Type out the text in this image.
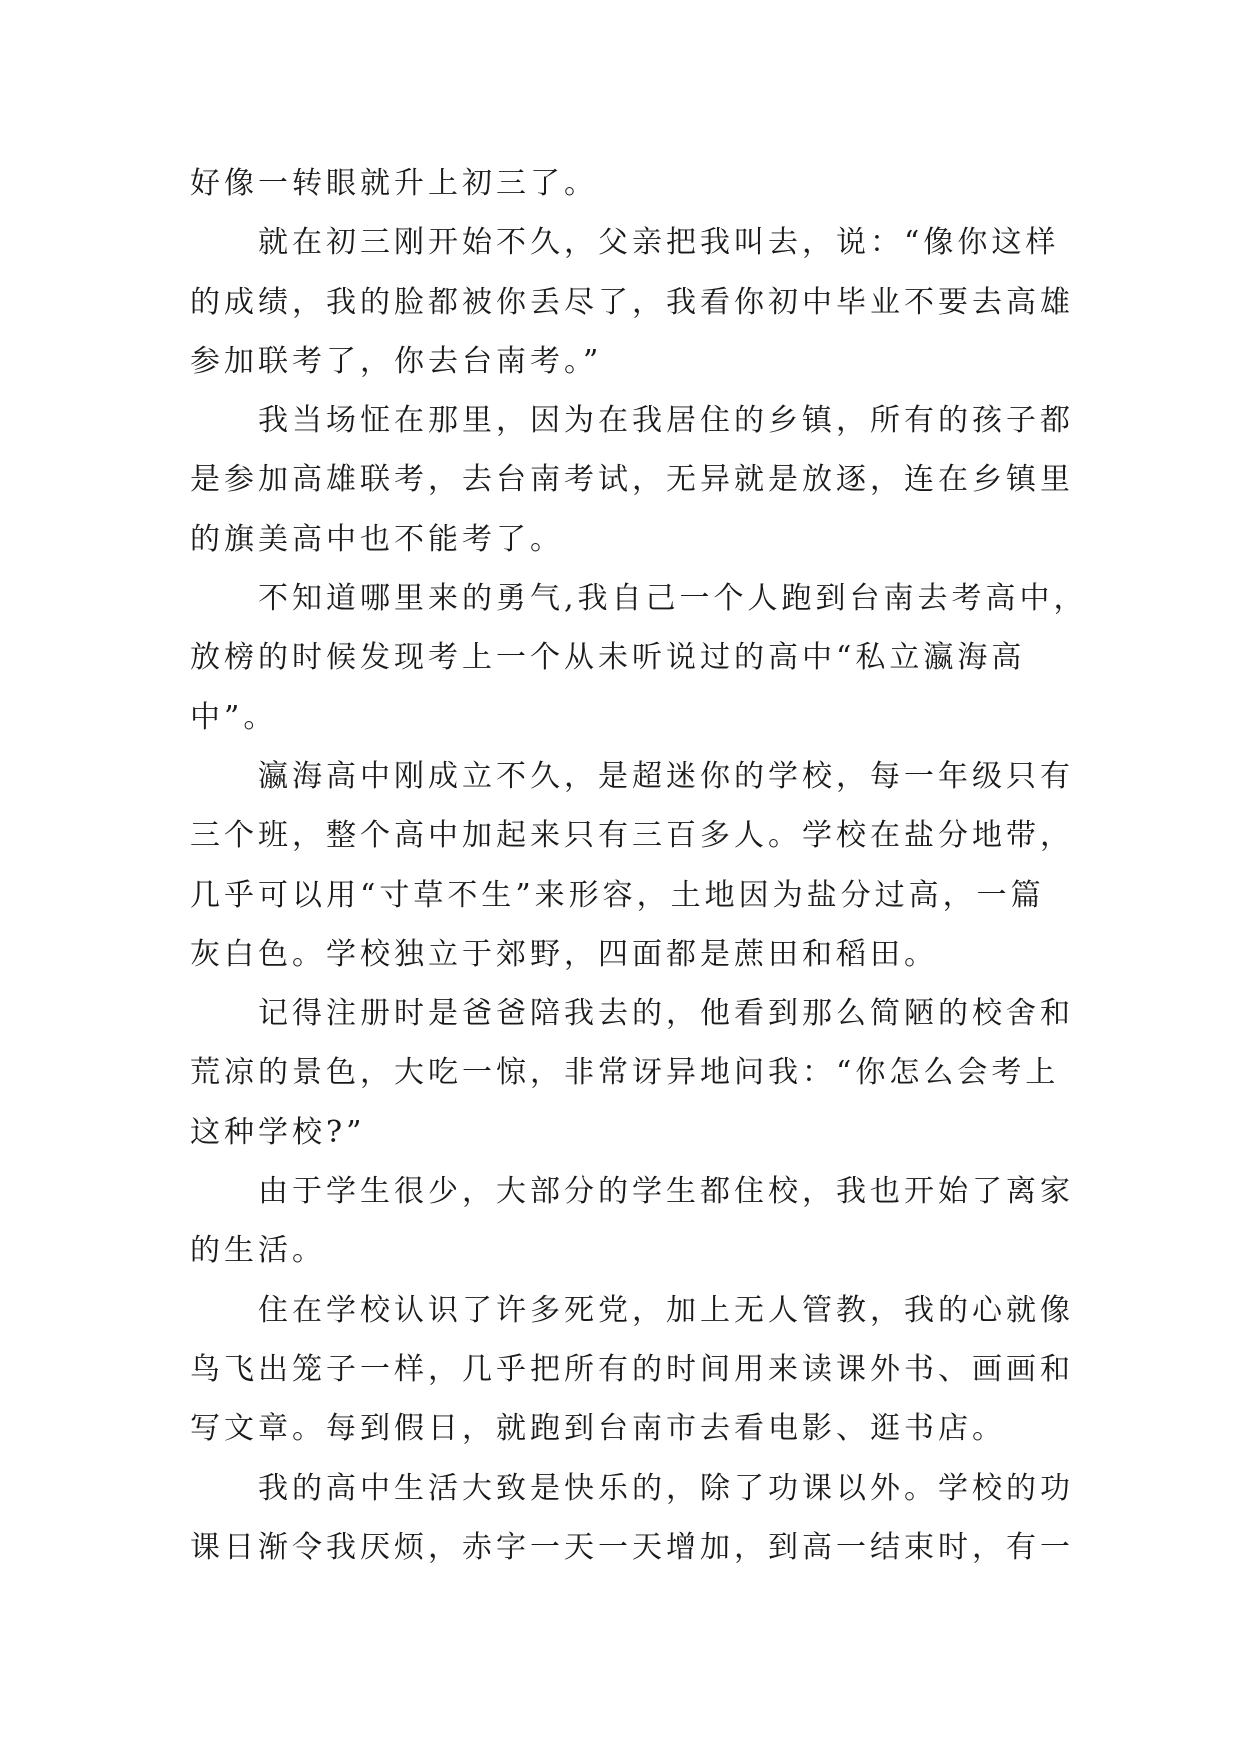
好像一转眼就升上初三了。
就在初三刚开始不久，父亲把我叫去，说：“像你这样
的成绩，我的脸都被你丢尽了，我看你初中毕业不要去高雄
参加联考了，你去台南考。”
我当场怔在那里，因为在我居住的乡镇，所有的孩子都
是参加高雄联考，去台南考试，无异就是放逐，连在乡镇里
的旗美高中也不能考了。
不知道哪里来的勇气,我自己一个人跑到台南去考高中，
放榜的时候发现考上一个从未听说过的高中“私立瀛海高
中”。
瀛海高中刚成立不久，是超迷你的学校，每一年级只有
三个班，整个高中加起来只有三百多人。学校在盐分地带，
几乎可以用“寸草不生”来形容，土地因为盐分过高，一篇
灰白色。学校独立于郊野，四面都是蔗田和稻田。
记得注册时是爸爸陪我去的，他看到那么简陋的校舍和
荒凉的景色，大吃一惊，非常讶异地问我：“你怎么会考上
这种学校?”
由于学生很少，大部分的学生都住校，我也开始了离家
的生活。
住在学校认识了许多死党，加上无人管教，我的心就像
鸟飞出笼子一样，几乎把所有的时间用来读课外书、画画和
写文章。每到假日，就跑到台南市去看电影、逛书店。
我的高中生活大致是快乐的，除了功课以外。学校的功
课日渐令我厌烦，赤字一天一天增加，到高一结束时，有一
